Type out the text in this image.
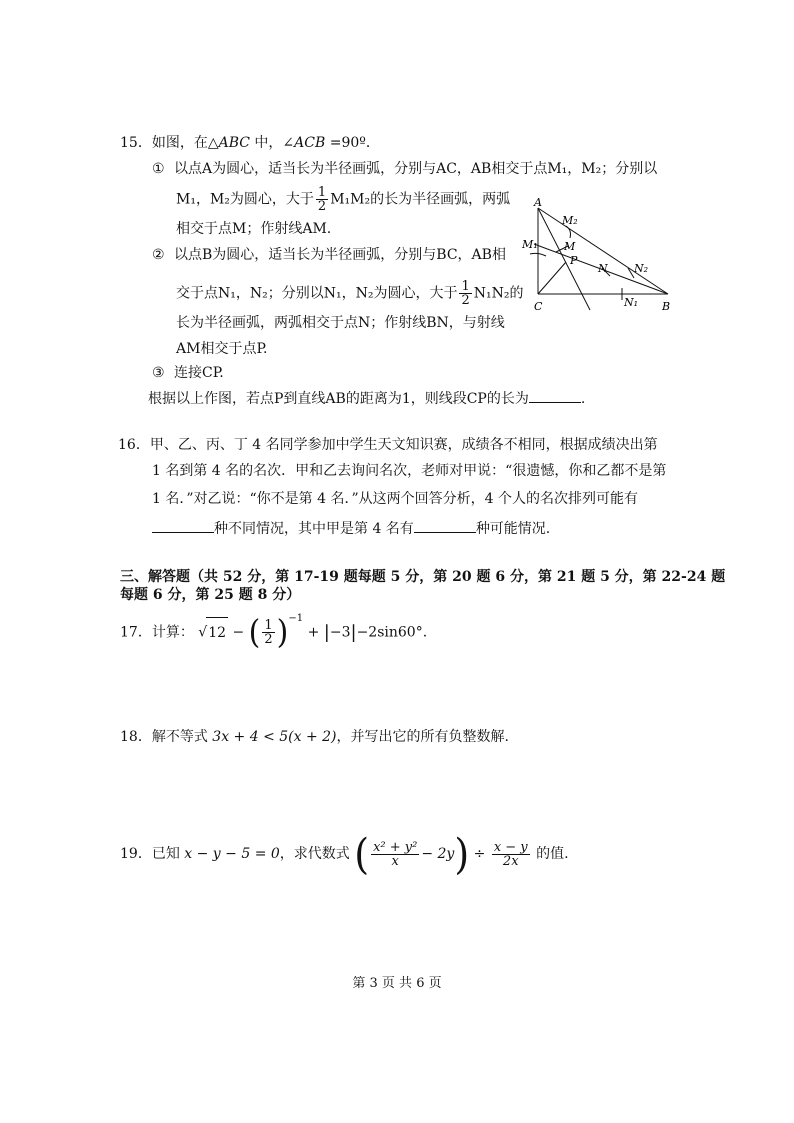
15．如图，在△ABC 中，∠ACB =90º．
① 以点A为圆心，适当长为半径画弧，分别与AC，AB相交于点M₁，M₂；分别以
M₁，M₂为圆心，大于 $\frac{1}{2} M_1M_2$的长为半径画弧，两弧
相交于点M；作射线AM.
② 以点B为圆心，适当长为半径画弧，分别与BC，AB相
交于点N₁，N₂；分别以N₁，N₂为圆心，大于 $\frac{1}{2} N_1N_2$的
长为半径画弧，两弧相交于点N；作射线BN，与射线
AM相交于点P.
③ 连接CP.
根据以上作图，若点P到直线AB的距离为1，则线段CP的长为	.
A
M₂
M₁ M
P
N N₂
N₁
C	B
16．甲、乙、丙、丁 4 名同学参加中学生天文知识赛，成绩各不相同，根据成绩决出第
1 名到第 4 名的名次．甲和乙去询问名次，老师对甲说：“很遗憾，你和乙都不是第
1 名．”对乙说：“你不是第 4 名．”从这两个回答分析，4 个人的名次排列可能有
种不同情况，其中甲是第 4 名有	种可能情况.
三、解答题（共 52 分，第 17-19 题每题 5 分，第 20 题 6 分，第 21 题 5 分，第 22-24 题
每题 6 分，第 25 题 8 分）
17．计算： √12 − ( $\frac{1}{2} )^{-1} + |-3|-2\sin 60^\circ$.
18．解不等式 3x + 4 < 5(x + 2)，并写出它的所有负整数解.
19．已知 x − y − 5 = 0，求代数式 ( $\frac{\text{x² + y²}}{x} - 2y) \div \frac{x - y}{2x}$ 的值.
第 3 页 共 6 页
